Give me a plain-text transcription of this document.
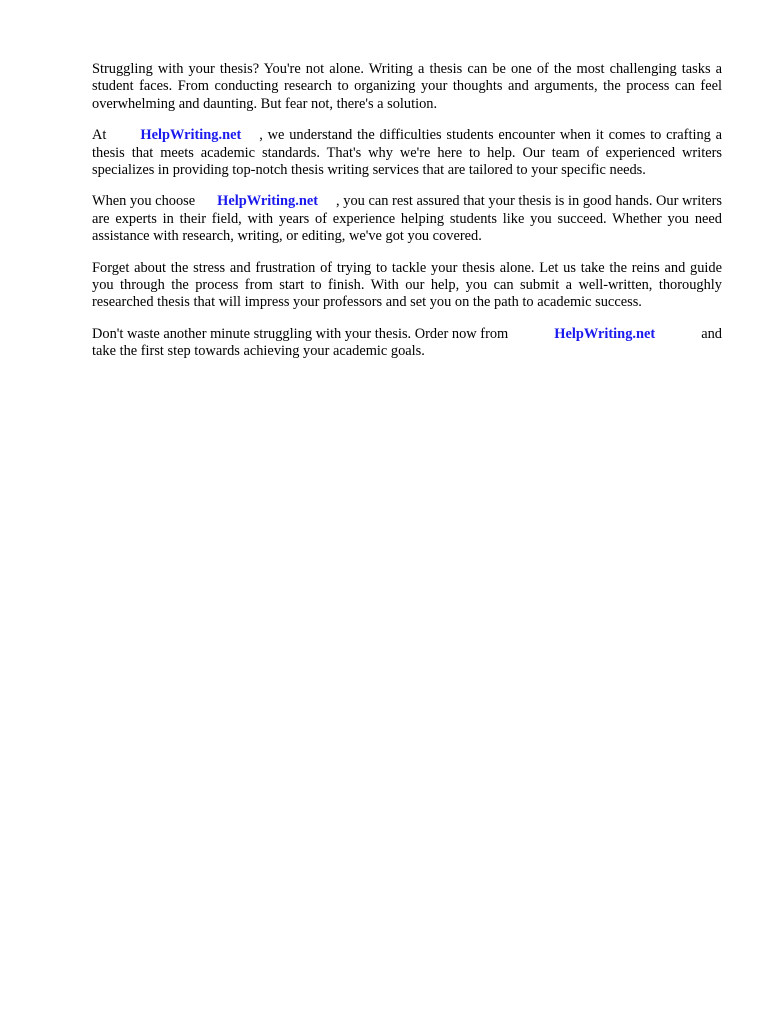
Struggling with your thesis? You're not alone. Writing a thesis can be one of the most challenging tasks a student faces. From conducting research to organizing your thoughts and arguments, the process can feel overwhelming and daunting. But fear not, there's a solution.

At HelpWriting.net , we understand the difficulties students encounter when it comes to crafting a thesis that meets academic standards. That's why we're here to help. Our team of experienced writers specializes in providing top-notch thesis writing services that are tailored to your specific needs.

When you choose HelpWriting.net , you can rest assured that your thesis is in good hands. Our writers are experts in their field, with years of experience helping students like you succeed. Whether you need assistance with research, writing, or editing, we've got you covered.

Forget about the stress and frustration of trying to tackle your thesis alone. Let us take the reins and guide you through the process from start to finish. With our help, you can submit a well-written, thoroughly researched thesis that will impress your professors and set you on the path to academic success.

Don't waste another minute struggling with your thesis. Order now from	HelpWriting.net	and
take the first step towards achieving your academic goals.
